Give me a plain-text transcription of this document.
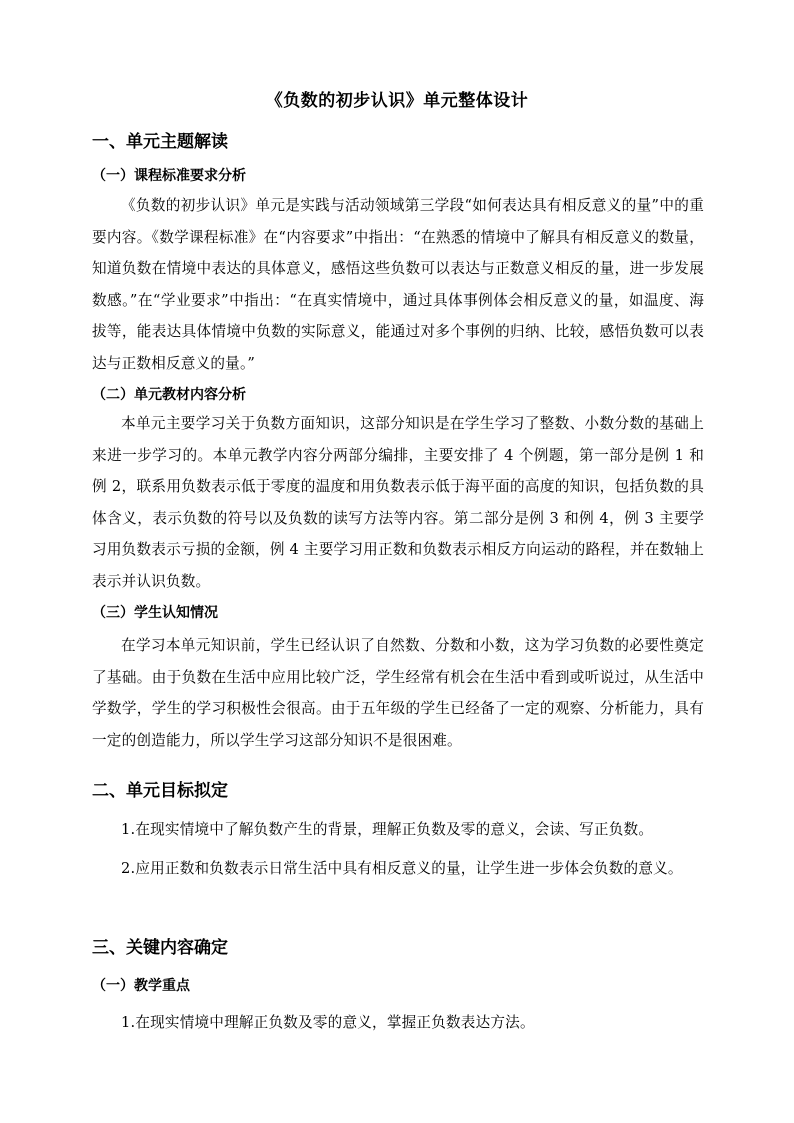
《负数的初步认识》单元整体设计
一、单元主题解读
（一）课程标准要求分析

《负数的初步认识》单元是实践与活动领域第三学段“如何表达具有相反意义的量”中的重要内容。《数学课程标准》在“内容要求”中指出：“在熟悉的情境中了解具有相反意义的数量，知道负数在情境中表达的具体意义，感悟这些负数可以表达与正数意义相反的量，进一步发展数感。”在“学业要求”中指出：“在真实情境中，通过具体事例体会相反意义的量，如温度、海拔等，能表达具体情境中负数的实际意义，能通过对多个事例的归纳、比较，感悟负数可以表达与正数相反意义的量。”

（二）单元教材内容分析

本单元主要学习关于负数方面知识，这部分知识是在学生学习了整数、小数分数的基础上来进一步学习的。本单元教学内容分两部分编排，主要安排了 4 个例题，第一部分是例 1 和例 2，联系用负数表示低于零度的温度和用负数表示低于海平面的高度的知识，包括负数的具体含义，表示负数的符号以及负数的读写方法等内容。第二部分是例 3 和例 4，例 3 主要学习用负数表示亏损的金额，例 4 主要学习用正数和负数表示相反方向运动的路程，并在数轴上表示并认识负数。

（三）学生认知情况

在学习本单元知识前，学生已经认识了自然数、分数和小数，这为学习负数的必要性奠定了基础。由于负数在生活中应用比较广泛，学生经常有机会在生活中看到或听说过，从生活中学数学，学生的学习积极性会很高。由于五年级的学生已经备了一定的观察、分析能力，具有一定的创造能力，所以学生学习这部分知识不是很困难。

二、单元目标拟定

1.在现实情境中了解负数产生的背景，理解正负数及零的意义，会读、写正负数。

2.应用正数和负数表示日常生活中具有相反意义的量，让学生进一步体会负数的意义。

三、关键内容确定
（一）教学重点

1.在现实情境中理解正负数及零的意义，掌握正负数表达方法。
